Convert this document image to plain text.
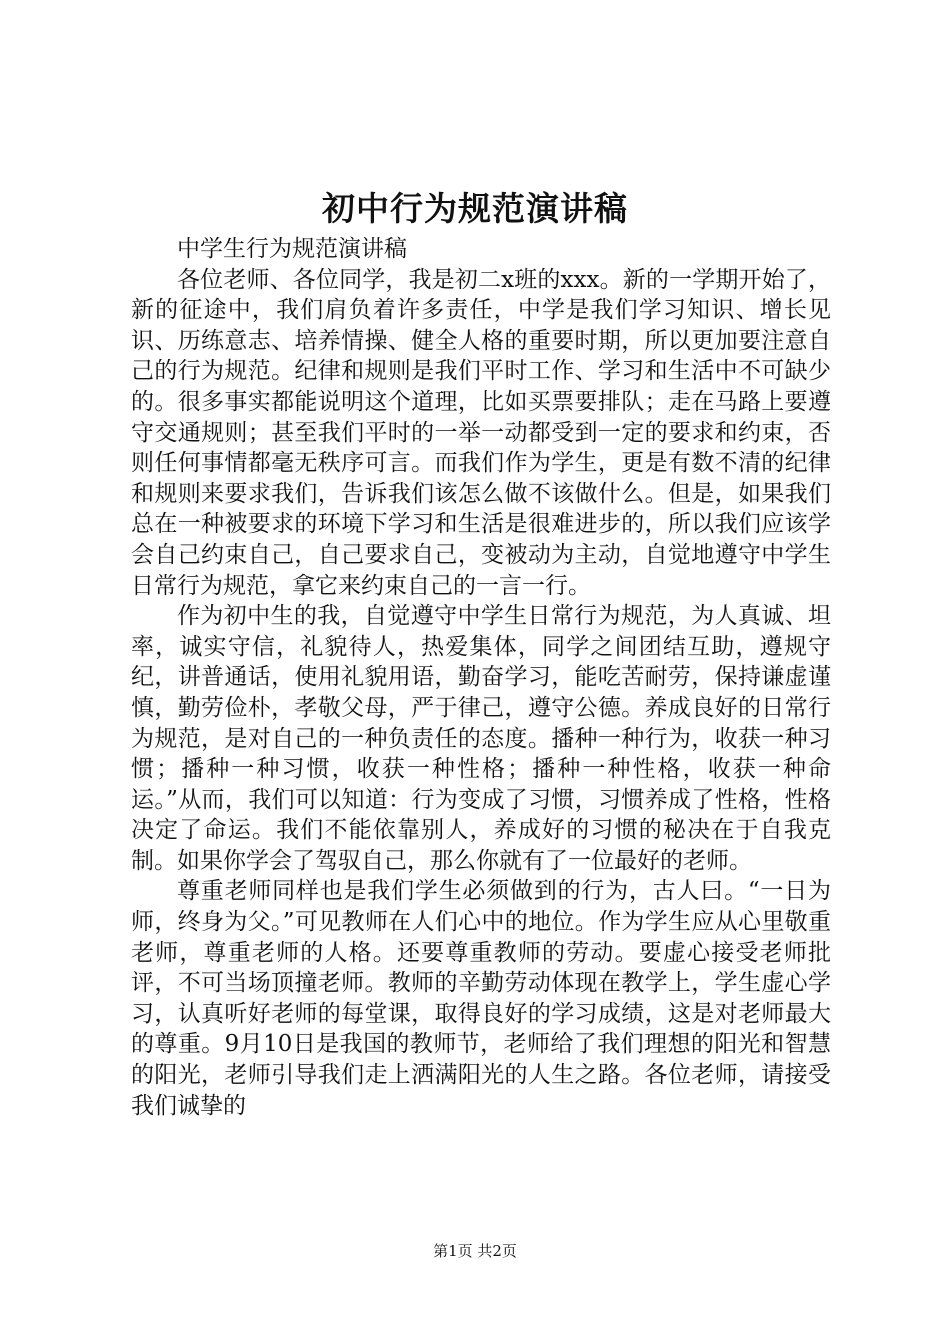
初中行为规范演讲稿

中学生行为规范演讲稿

各位老师、各位同学，我是初二x班的xxx。新的一学期开始了，新的征途中，我们肩负着许多责任，中学是我们学习知识、增长见识、历练意志、培养情操、健全人格的重要时期，所以更加要注意自己的行为规范。纪律和规则是我们平时工作、学习和生活中不可缺少的。很多事实都能说明这个道理，比如买票要排队；走在马路上要遵守交通规则；甚至我们平时的一举一动都受到一定的要求和约束，否则任何事情都毫无秩序可言。而我们作为学生，更是有数不清的纪律和规则来要求我们，告诉我们该怎么做不该做什么。但是，如果我们总在一种被要求的环境下学习和生活是很难进步的，所以我们应该学会自己约束自己，自己要求自己，变被动为主动，自觉地遵守中学生日常行为规范，拿它来约束自己的一言一行。

作为初中生的我，自觉遵守中学生日常行为规范，为人真诚、坦率，诚实守信，礼貌待人，热爱集体，同学之间团结互助，遵规守纪，讲普通话，使用礼貌用语，勤奋学习，能吃苦耐劳，保持谦虚谨慎，勤劳俭朴，孝敬父母，严于律己，遵守公德。养成良好的日常行为规范，是对自己的一种负责任的态度。播种一种行为，收获一种习惯；播种一种习惯，收获一种性格；播种一种性格，收获一种命运。”从而，我们可以知道：行为变成了习惯，习惯养成了性格，性格决定了命运。我们不能依靠别人，养成好的习惯的秘决在于自我克制。如果你学会了驾驭自己，那么你就有了一位最好的老师。

尊重老师同样也是我们学生必须做到的行为，古人曰。“一日为师，终身为父。”可见教师在人们心中的地位。作为学生应从心里敬重老师，尊重老师的人格。还要尊重教师的劳动。要虚心接受老师批评，不可当场顶撞老师。教师的辛勤劳动体现在教学上，学生虚心学习，认真听好老师的每堂课，取得良好的学习成绩，这是对老师最大的尊重。9月10日是我国的教师节，老师给了我们理想的阳光和智慧的阳光，老师引导我们走上洒满阳光的人生之路。各位老师，请接受我们诚挚的

第1页 共2页
